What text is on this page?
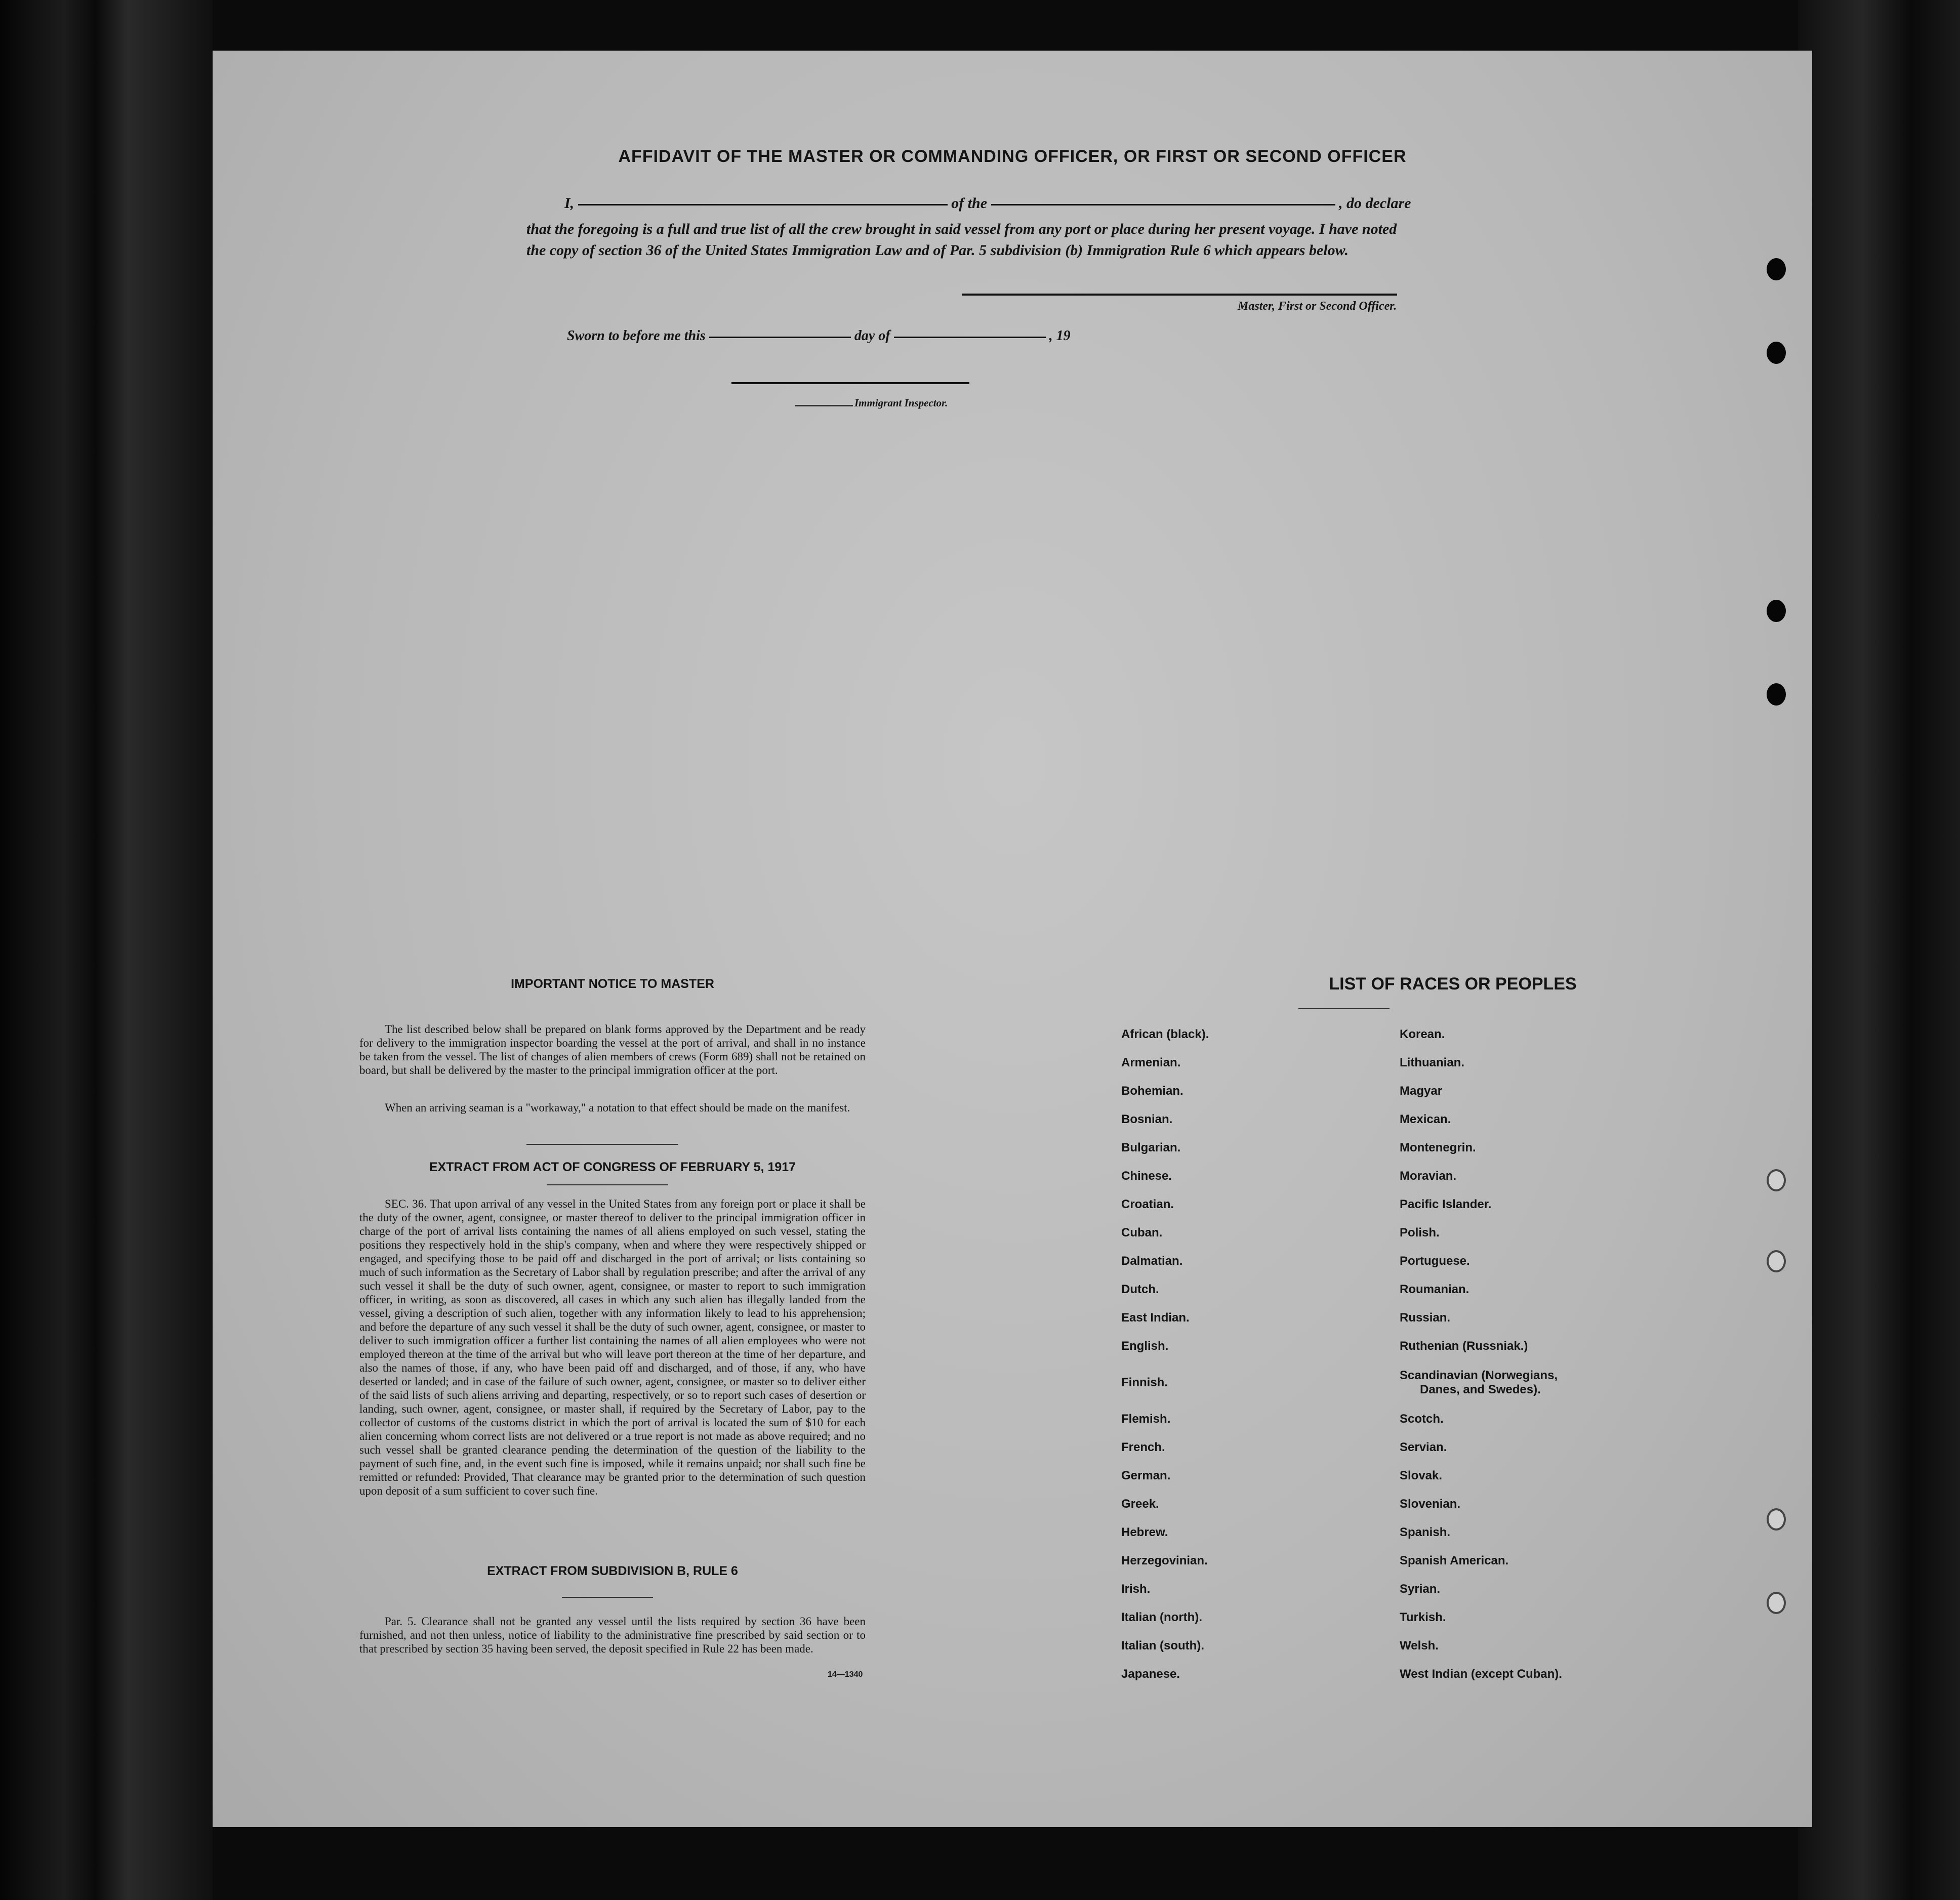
AFFIDAVIT OF THE MASTER OR COMMANDING OFFICER, OR FIRST OR SECOND OFFICER
I,	of the	, do declare
that the foregoing is a full and true list of all the crew brought in said vessel from any port or place during her present voyage. I have noted
the copy of section 36 of the United States Immigration Law and of Par. 5 subdivision (b) Immigration Rule 6 which appears below.
Master, First or Second Officer.
Sworn to before me this	day of	, 19
Immigrant Inspector.
IMPORTANT NOTICE TO MASTER
The list described below shall be prepared on blank forms approved by the Department and be ready for delivery to the immigration inspector boarding the vessel at the port of arrival, and shall in no instance be taken from the vessel. The list of changes of alien members of crews (Form 689) shall not be retained on board, but shall be delivered by the master to the principal immigration officer at the port.
When an arriving seaman is a "workaway," a notation to that effect should be made on the manifest.
EXTRACT FROM ACT OF CONGRESS OF FEBRUARY 5, 1917
SEC. 36. That upon arrival of any vessel in the United States from any foreign port or place it shall be the duty of the owner, agent, consignee, or master thereof to deliver to the principal immigration officer in charge of the port of arrival lists containing the names of all aliens employed on such vessel, stating the positions they respectively hold in the ship's company, when and where they were respectively shipped or engaged, and specifying those to be paid off and discharged in the port of arrival; or lists containing so much of such information as the Secretary of Labor shall by regulation prescribe; and after the arrival of any such vessel it shall be the duty of such owner, agent, consignee, or master to report to such immigration officer, in writing, as soon as discovered, all cases in which any such alien has illegally landed from the vessel, giving a description of such alien, together with any information likely to lead to his apprehension; and before the departure of any such vessel it shall be the duty of such owner, agent, consignee, or master to deliver to such immigration officer a further list containing the names of all alien employees who were not employed thereon at the time of the arrival but who will leave port thereon at the time of her departure, and also the names of those, if any, who have been paid off and discharged, and of those, if any, who have deserted or landed; and in case of the failure of such owner, agent, consignee, or master so to deliver either of the said lists of such aliens arriving and departing, respectively, or so to report such cases of desertion or landing, such owner, agent, consignee, or master shall, if required by the Secretary of Labor, pay to the collector of customs of the customs district in which the port of arrival is located the sum of $10 for each alien concerning whom correct lists are not delivered or a true report is not made as above required; and no such vessel shall be granted clearance pending the determination of the question of the liability to the payment of such fine, and, in the event such fine is imposed, while it remains unpaid; nor shall such fine be remitted or refunded: Provided, That clearance may be granted prior to the determination of such question upon deposit of a sum sufficient to cover such fine.
EXTRACT FROM SUBDIVISION B, RULE 6
Par. 5. Clearance shall not be granted any vessel until the lists required by section 36 have been furnished, and not then unless, notice of liability to the administrative fine prescribed by said section or to that prescribed by section 35 having been served, the deposit specified in Rule 22 has been made.
14—1340
LIST OF RACES OR PEOPLES
African (black).
Armenian.
Bohemian.
Bosnian.
Bulgarian.
Chinese.
Croatian.
Cuban.
Dalmatian.
Dutch.
East Indian.
English.
Finnish.
Flemish.
French.
German.
Greek.
Hebrew.
Herzegovinian.
Irish.
Italian (north).
Italian (south).
Japanese.
Korean.
Lithuanian.
Magyar
Mexican.
Montenegrin.
Moravian.
Pacific Islander.
Polish.
Portuguese.
Roumanian.
Russian.
Ruthenian (Russniak.)
Scandinavian (Norwegians,
Danes, and Swedes).
Scotch.
Servian.
Slovak.
Slovenian.
Spanish.
Spanish American.
Syrian.
Turkish.
Welsh.
West Indian (except Cuban).
